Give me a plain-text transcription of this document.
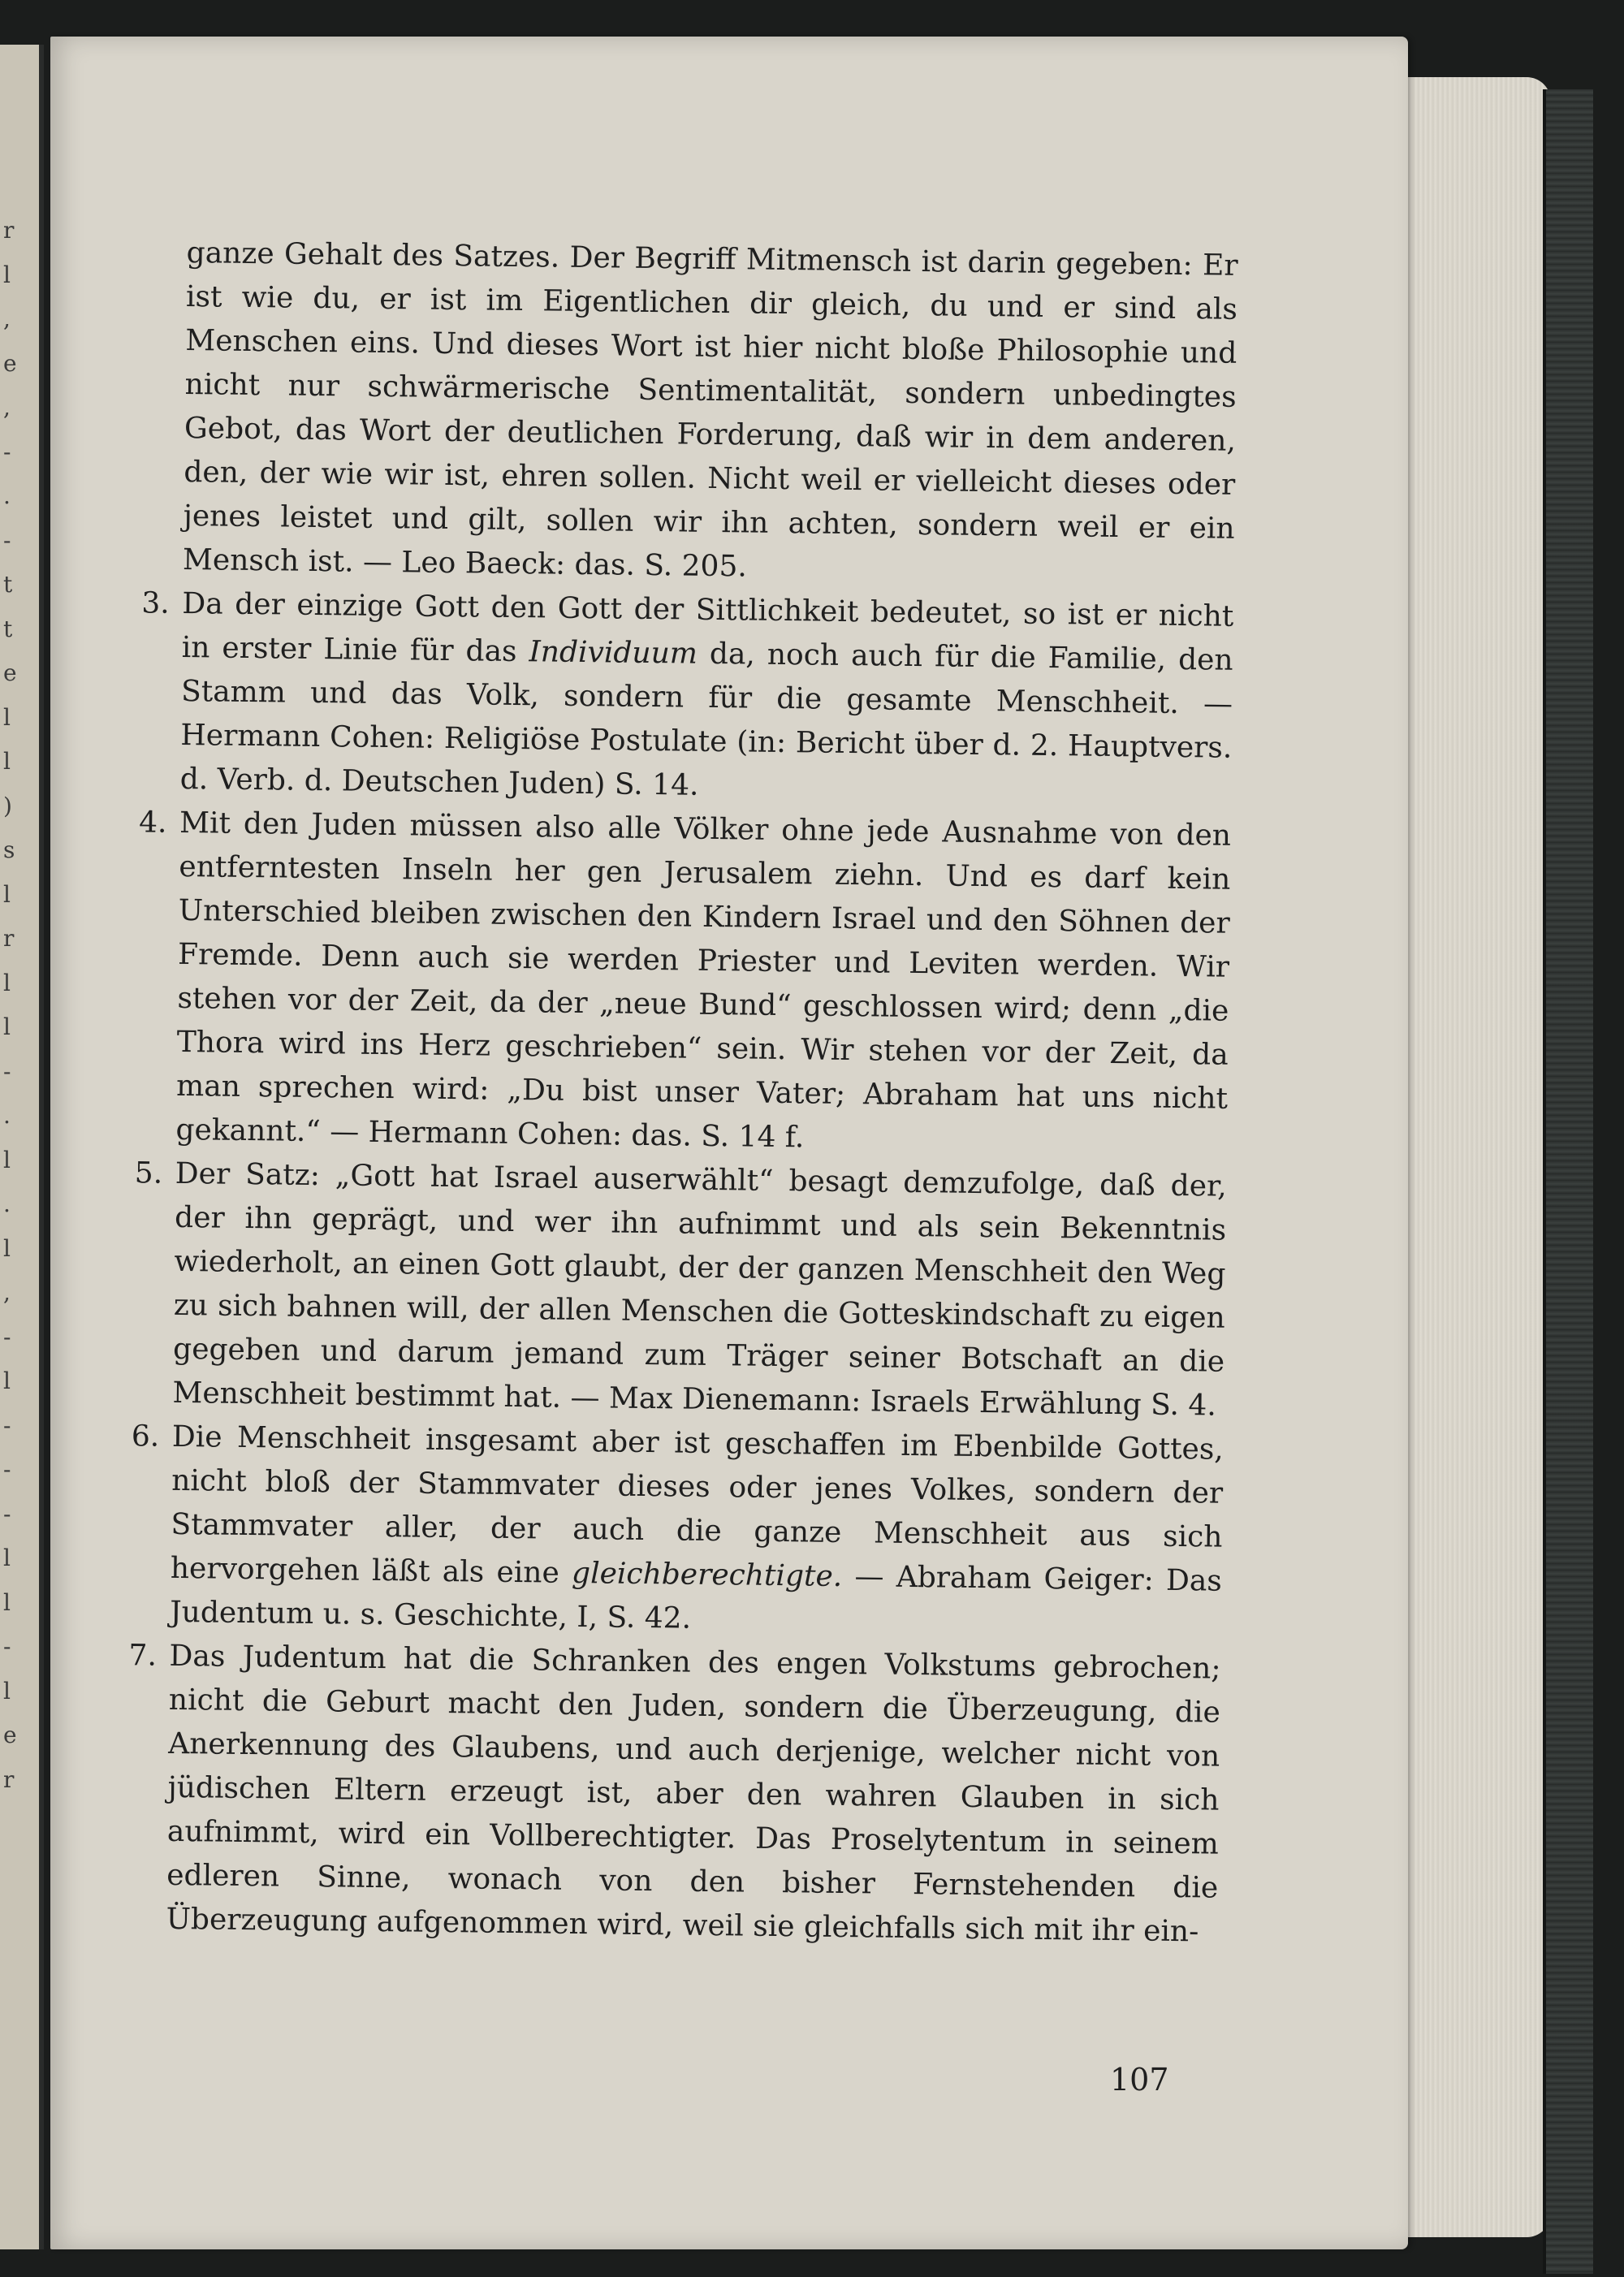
r
l
,
e
,
-
.
-
t
t
e
l
l
)
s
l
r
l
l
-
.
l
.
l
,
-
l
-
-
-
l
l
-
l
e
r

ganze Gehalt des Satzes. Der Begriff Mitmensch ist darin gegeben: Er ist wie du, er ist im Eigentlichen dir gleich, du und er sind als Menschen eins. Und dieses Wort ist hier nicht bloße Philosophie und nicht nur schwärmerische Sentimentalität, sondern unbedingtes Gebot, das Wort der deutlichen Forderung, daß wir in dem anderen, den, der wie wir ist, ehren sollen. Nicht weil er vielleicht dieses oder jenes leistet und gilt, sollen wir ihn achten, sondern weil er ein Mensch ist. — Leo Baeck: das. S. 205.

3. Da der einzige Gott den Gott der Sittlichkeit bedeutet, so ist er nicht in erster Linie für das Individuum da, noch auch für die Familie, den Stamm und das Volk, sondern für die gesamte Menschheit. — Hermann Cohen: Religiöse Postulate (in: Bericht über d. 2. Hauptvers. d. Verb. d. Deutschen Juden) S. 14.

4. Mit den Juden müssen also alle Völker ohne jede Ausnahme von den entferntesten Inseln her gen Jerusalem ziehn. Und es darf kein Unterschied bleiben zwischen den Kindern Israel und den Söhnen der Fremde. Denn auch sie werden Priester und Leviten werden. Wir stehen vor der Zeit, da der „neue Bund“ geschlossen wird; denn „die Thora wird ins Herz geschrieben“ sein. Wir stehen vor der Zeit, da man sprechen wird: „Du bist unser Vater; Abraham hat uns nicht gekannt.“ — Hermann Cohen: das. S. 14 f.

5. Der Satz: „Gott hat Israel auserwählt“ besagt demzufolge, daß der, der ihn geprägt, und wer ihn aufnimmt und als sein Bekenntnis wiederholt, an einen Gott glaubt, der der ganzen Menschheit den Weg zu sich bahnen will, der allen Menschen die Gotteskindschaft zu eigen gegeben und darum jemand zum Träger seiner Botschaft an die Menschheit bestimmt hat. — Max Dienemann: Israels Erwählung S. 4.

6. Die Menschheit insgesamt aber ist geschaffen im Ebenbilde Gottes, nicht bloß der Stammvater dieses oder jenes Volkes, sondern der Stammvater aller, der auch die ganze Menschheit aus sich hervorgehen läßt als eine gleichberechtigte. — Abraham Geiger: Das Judentum u. s. Geschichte, I, S. 42.

7. Das Judentum hat die Schranken des engen Volkstums gebrochen; nicht die Geburt macht den Juden, sondern die Überzeugung, die Anerkennung des Glaubens, und auch derjenige, welcher nicht von jüdischen Eltern erzeugt ist, aber den wahren Glauben in sich aufnimmt, wird ein Vollberechtigter. Das Proselytentum in seinem edleren Sinne, wonach von den bisher Fernstehenden die Überzeugung aufgenommen wird, weil sie gleichfalls sich mit ihr ein-

107
